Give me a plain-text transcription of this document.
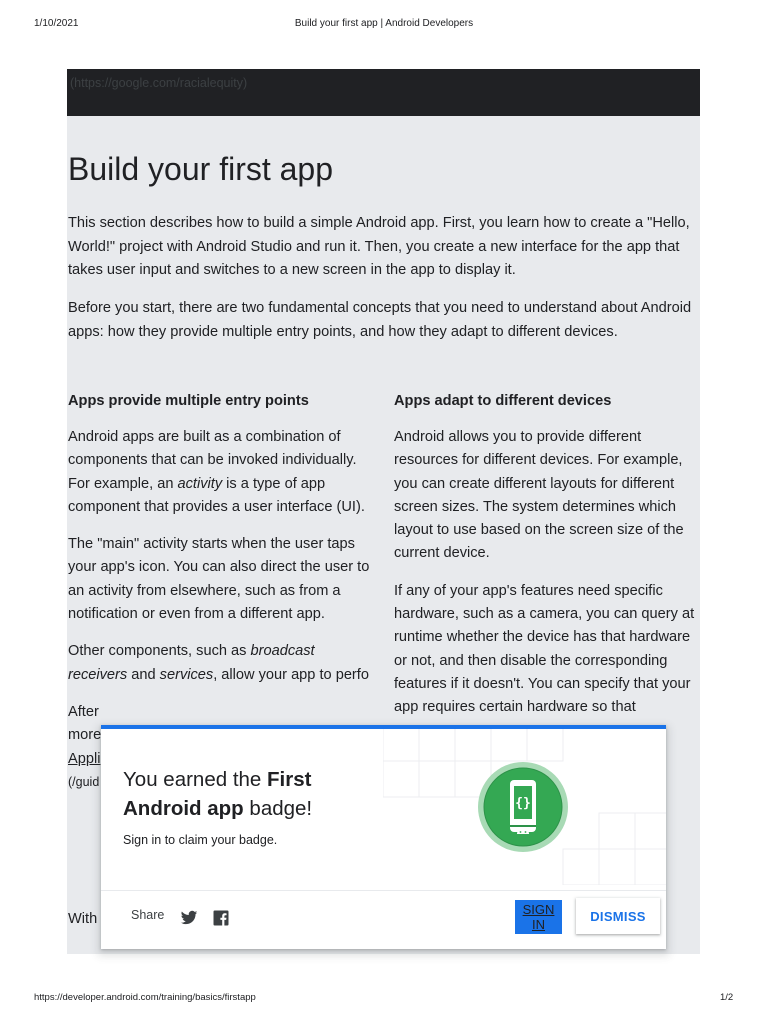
1/10/2021	Build your first app | Android Developers
(https://google.com/racialequity)
Build your first app

This section describes how to build a simple Android app. First, you learn how to create a "Hello, World!" project with Android Studio and run it. Then, you create a new interface for the app that takes user input and switches to a new screen in the app to display it.

Before you start, there are two fundamental concepts that you need to understand about Android apps: how they provide multiple entry points, and how they adapt to different devices.

Apps provide multiple entry points

Android apps are built as a combination of components that can be invoked individually. For example, an activity is a type of app component that provides a user interface (UI).

The "main" activity starts when the user taps your app's icon. You can also direct the user to an activity from elsewhere, such as from a notification or even from a different app.

Other components, such as broadcast receivers and services, allow your app to perfo

After
more
Appli
(/guid

Apps adapt to different devices

Android allows you to provide different resources for different devices. For example, you can create different layouts for different screen sizes. The system determines which layout to use based on the screen size of the current device.

If any of your app's features need specific hardware, such as a camera, you can query at runtime whether the device has that hardware or not, and then disable the corresponding features if it doesn't. You can specify that your app requires certain hardware so that

With

You earned the First
Android app badge!

Sign in to claim your badge.
{}
Share	SIGN IN
DISMISS
https://developer.android.com/training/basics/firstapp	1/2
